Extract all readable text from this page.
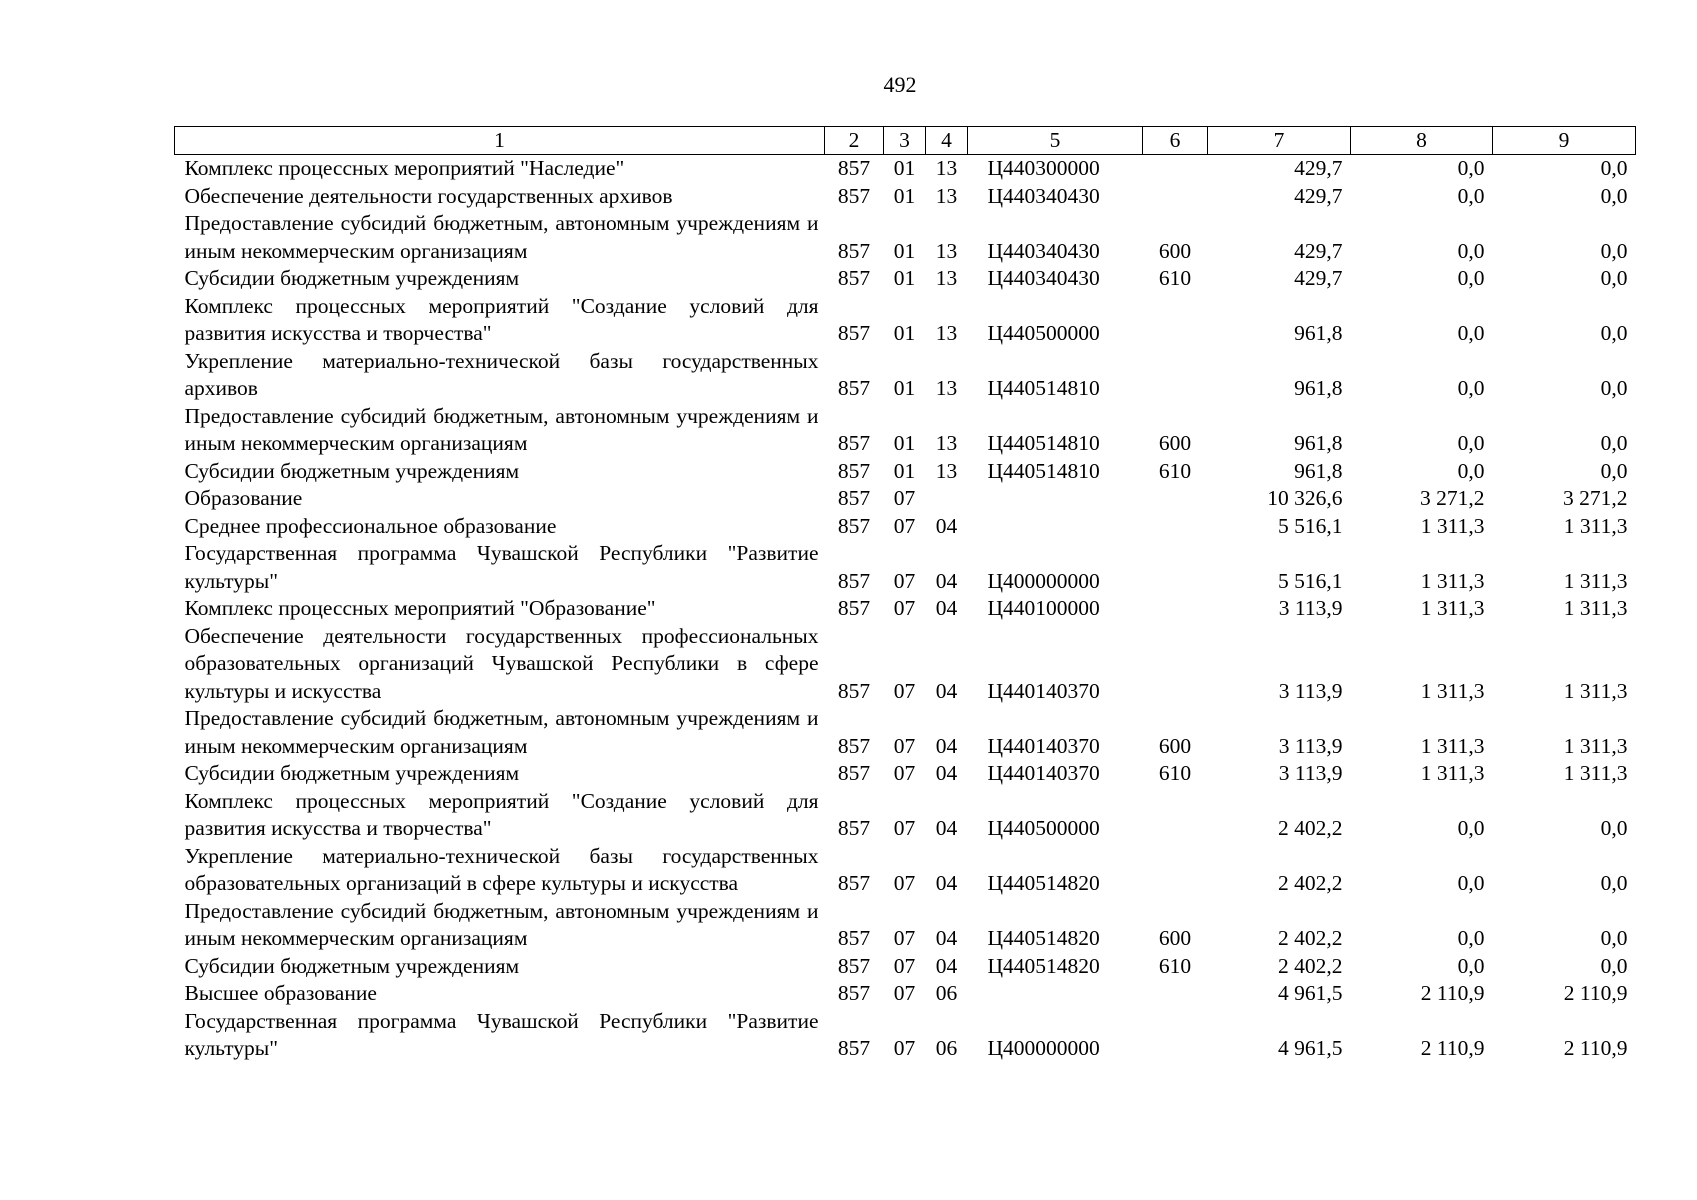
492
1	2	3	4	5	6	7	8	9
Комплекс процессных мероприятий "Наследие"	857	01	13	Ц440300000		429,7	0,0	0,0
Обеспечение деятельности государственных архивов	857	01	13	Ц440340430		429,7	0,0	0,0
Предоставление субсидий бюджетным, автономным учреждениям и иным некоммерческим организациям	857	01	13	Ц440340430	600	429,7	0,0	0,0
Субсидии бюджетным учреждениям	857	01	13	Ц440340430	610	429,7	0,0	0,0
Комплекс процессных мероприятий "Создание условий для развития искусства и творчества"	857	01	13	Ц440500000		961,8	0,0	0,0
Укрепление материально-технической базы государственных архивов	857	01	13	Ц440514810		961,8	0,0	0,0
Предоставление субсидий бюджетным, автономным учреждениям и иным некоммерческим организациям	857	01	13	Ц440514810	600	961,8	0,0	0,0
Субсидии бюджетным учреждениям	857	01	13	Ц440514810	610	961,8	0,0	0,0
Образование	857	07				10 326,6	3 271,2	3 271,2
Среднее профессиональное образование	857	07	04			5 516,1	1 311,3	1 311,3
Государственная программа Чувашской Республики "Развитие культуры"	857	07	04	Ц400000000		5 516,1	1 311,3	1 311,3
Комплекс процессных мероприятий "Образование"	857	07	04	Ц440100000		3 113,9	1 311,3	1 311,3
Обеспечение деятельности государственных профессиональных образовательных организаций Чувашской Республики в сфере культуры и искусства	857	07	04	Ц440140370		3 113,9	1 311,3	1 311,3
Предоставление субсидий бюджетным, автономным учреждениям и иным некоммерческим организациям	857	07	04	Ц440140370	600	3 113,9	1 311,3	1 311,3
Субсидии бюджетным учреждениям	857	07	04	Ц440140370	610	3 113,9	1 311,3	1 311,3
Комплекс процессных мероприятий "Создание условий для развития искусства и творчества"	857	07	04	Ц440500000		2 402,2	0,0	0,0
Укрепление материально-технической базы государственных образовательных организаций в сфере культуры и искусства	857	07	04	Ц440514820		2 402,2	0,0	0,0
Предоставление субсидий бюджетным, автономным учреждениям и иным некоммерческим организациям	857	07	04	Ц440514820	600	2 402,2	0,0	0,0
Субсидии бюджетным учреждениям	857	07	04	Ц440514820	610	2 402,2	0,0	0,0
Высшее образование	857	07	06			4 961,5	2 110,9	2 110,9
Государственная программа Чувашской Республики "Развитие культуры"	857	07	06	Ц400000000		4 961,5	2 110,9	2 110,9
